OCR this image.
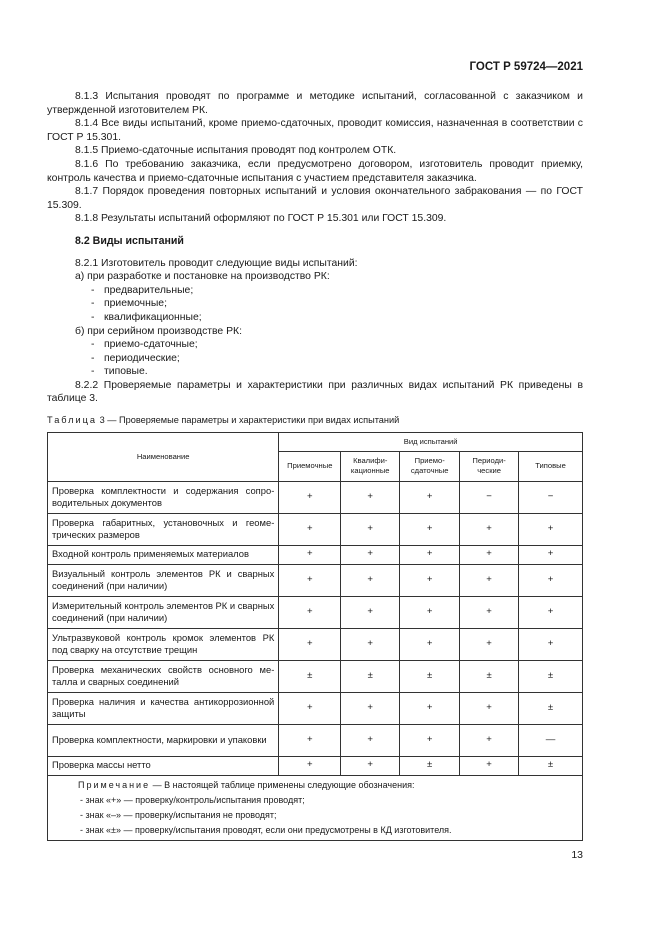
ГОСТ Р 59724—2021

8.1.3 Испытания проводят по программе и методике испытаний, согласованной с заказчиком и утвержденной изготовителем РК.

8.1.4 Все виды испытаний, кроме приемо-сдаточных, проводит комиссия, назначенная в соответствии с ГОСТ Р 15.301.

8.1.5 Приемо-сдаточные испытания проводят под контролем ОТК.

8.1.6 По требованию заказчика, если предусмотрено договором, изготовитель проводит приемку, контроль качества и приемо-сдаточные испытания с участием представителя заказчика.

8.1.7 Порядок проведения повторных испытаний и условия окончательного забракования — по ГОСТ 15.309.

8.1.8 Результаты испытаний оформляют по ГОСТ Р 15.301 или ГОСТ 15.309.

8.2 Виды испытаний

8.2.1 Изготовитель проводит следующие виды испытаний:

а) при разработке и постановке на производство РК:
- предварительные;
- приемочные;
- квалификационные;
б) при серийном производстве РК:
- приемо-сдаточные;
- периодические;
- типовые.

8.2.2 Проверяемые параметры и характеристики при различных видах испытаний РК приведены в таблице 3.

Таблица 3 — Проверяемые параметры и характеристики при видах испытаний
Наименование	Вид испытаний				
	Приемочные	Квалифи-кационные	Приемо-сдаточные	Периоди-ческие	Типовые
Проверка комплектности и содержания сопроводительных документов	+	+	+	−	−
Проверка габаритных, установочных и геометрических размеров	+	+	+	+	+
Входной контроль применяемых материалов	+	+	+	+	+
Визуальный контроль элементов РК и сварных соединений (при наличии)	+	+	+	+	+
Измерительный контроль элементов РК и сварных соединений (при наличии)	+	+	+	+	+
Ультразвуковой контроль кромок элементов РК под сварку на отсутствие трещин	+	+	+	+	+
Проверка механических свойств основного металла и сварных соединений	±	±	±	±	±
Проверка наличия и качества антикоррозионной защиты	+	+	+	+	±
Проверка комплектности, маркировки и упаковки	+	+	+	+	—
Проверка массы нетто	+	+	±	+	±

Примечание — В настоящей таблице применены следующие обозначения:
- знак «+» — проверку/контроль/испытания проводят;
- знак «–» — проверку/испытания не проводят;
- знак «±» — проверку/испытания проводят, если они предусмотрены в КД изготовителя.					
13
